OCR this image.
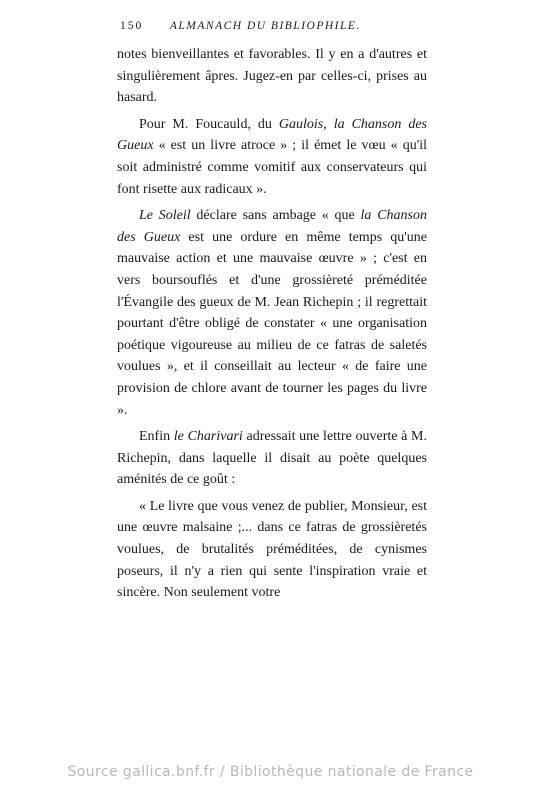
150 ALMANACH DU BIBLIOPHILE.

notes bienveillantes et favorables. Il y en a d'autres et singulièrement âpres. Jugez-en par celles-ci, prises au hasard.

Pour M. Foucauld, du Gaulois, la Chanson des Gueux « est un livre atroce » ; il émet le vœu « qu'il soit administré comme vomitif aux conservateurs qui font risette aux radicaux ».

Le Soleil déclare sans ambage « que la Chanson des Gueux est une ordure en même temps qu'une mauvaise action et une mauvaise œuvre » ; c'est en vers boursouflés et d'une grossièreté préméditée l'Évangile des gueux de M. Jean Richepin ; il regrettait pourtant d'être obligé de constater « une organisation poétique vigoureuse au milieu de ce fatras de saletés voulues », et il conseillait au lecteur « de faire une provision de chlore avant de tourner les pages du livre ».

Enfin le Charivari adressait une lettre ouverte à M. Richepin, dans laquelle il disait au poète quelques aménités de ce goût :

« Le livre que vous venez de publier, Monsieur, est une œuvre malsaine ;... dans ce fatras de grossièretés voulues, de brutalités préméditées, de cynismes poseurs, il n'y a rien qui sente l'inspiration vraie et sincère. Non seulement votre

Source gallica.bnf.fr / Bibliothèque nationale de France
